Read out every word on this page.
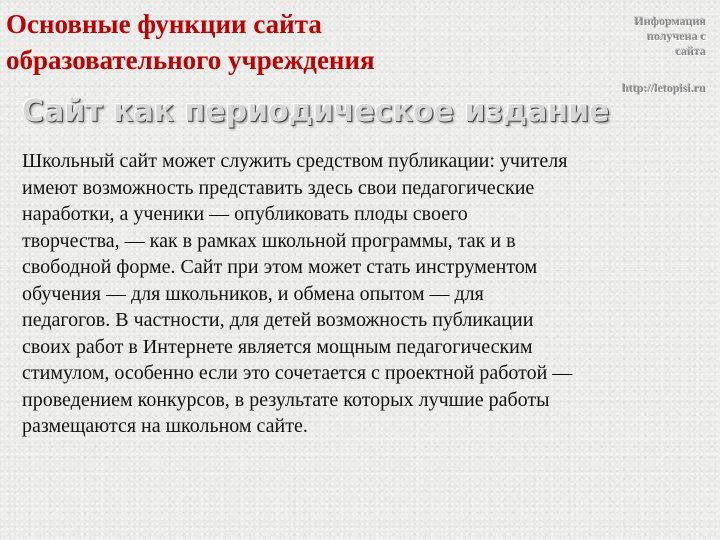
Основные функции сайта
образовательного учреждения
Информация
получена с
сайта
http://letopisi.ru
Сайт как периодическое издание
Школьный сайт может служить средством публикации: учителя
имеют возможность представить здесь свои педагогические
наработки, а ученики — опубликовать плоды своего
творчества, — как в рамках школьной программы, так и в
свободной форме. Сайт при этом может стать инструментом
обучения — для школьников, и обмена опытом — для
педагогов. В частности, для детей возможность публикации
своих работ в Интернете является мощным педагогическим
стимулом, особенно если это сочетается с проектной работой —
проведением конкурсов, в результате которых лучшие работы
размещаются на школьном сайте.
